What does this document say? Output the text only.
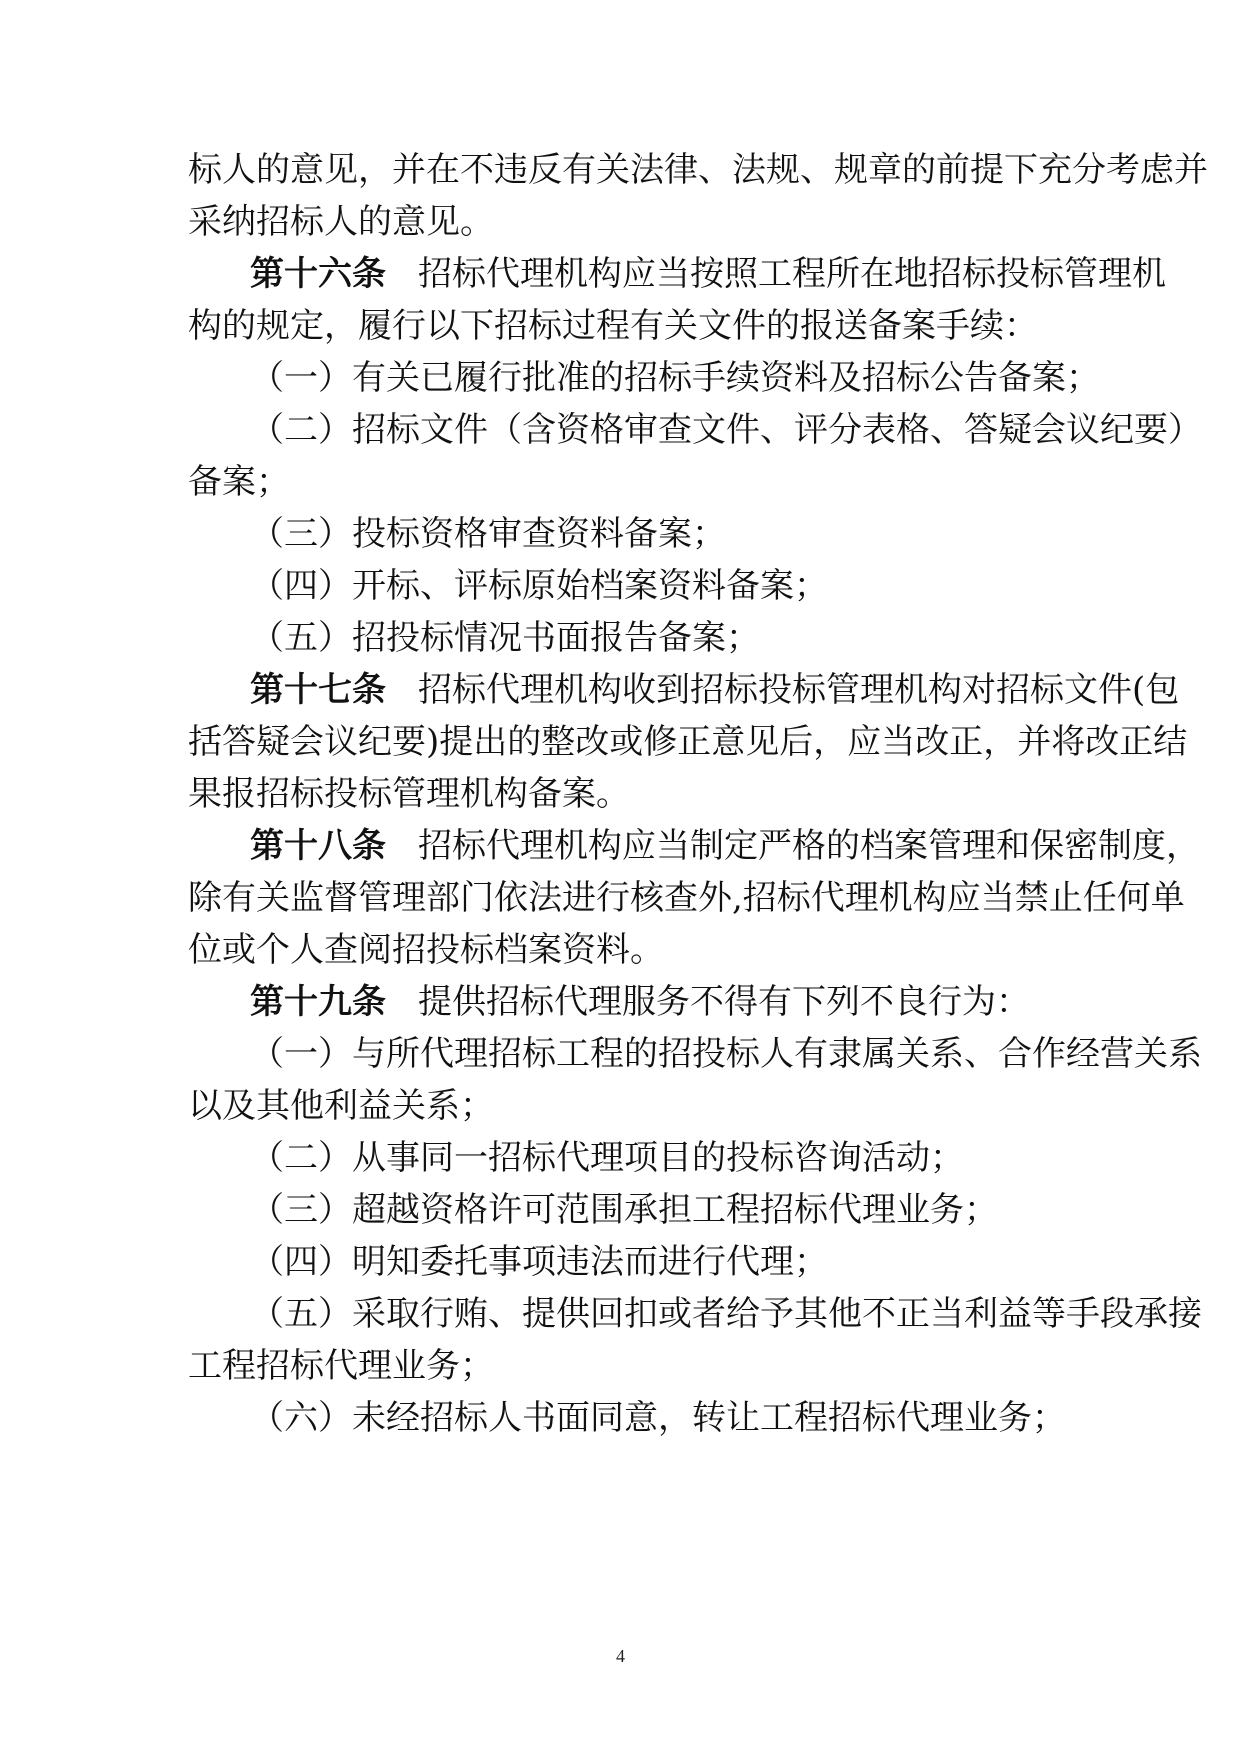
标人的意见，并在不违反有关法律、法规、规章的前提下充分考虑并
采纳招标人的意见。
第十六条 招标代理机构应当按照工程所在地招标投标管理机
构的规定，履行以下招标过程有关文件的报送备案手续：
（一）有关已履行批准的招标手续资料及招标公告备案；
（二）招标文件（含资格审查文件、评分表格、答疑会议纪要）
备案；
（三）投标资格审查资料备案；
（四）开标、评标原始档案资料备案；
（五）招投标情况书面报告备案；
第十七条 招标代理机构收到招标投标管理机构对招标文件(包
括答疑会议纪要)提出的整改或修正意见后，应当改正，并将改正结
果报招标投标管理机构备案。
第十八条 招标代理机构应当制定严格的档案管理和保密制度，
除有关监督管理部门依法进行核查外,招标代理机构应当禁止任何单
位或个人查阅招投标档案资料。
第十九条 提供招标代理服务不得有下列不良行为：
（一）与所代理招标工程的招投标人有隶属关系、合作经营关系
以及其他利益关系；
（二）从事同一招标代理项目的投标咨询活动；
（三）超越资格许可范围承担工程招标代理业务；
（四）明知委托事项违法而进行代理；
（五）采取行贿、提供回扣或者给予其他不正当利益等手段承接
工程招标代理业务；
（六）未经招标人书面同意，转让工程招标代理业务；
4
